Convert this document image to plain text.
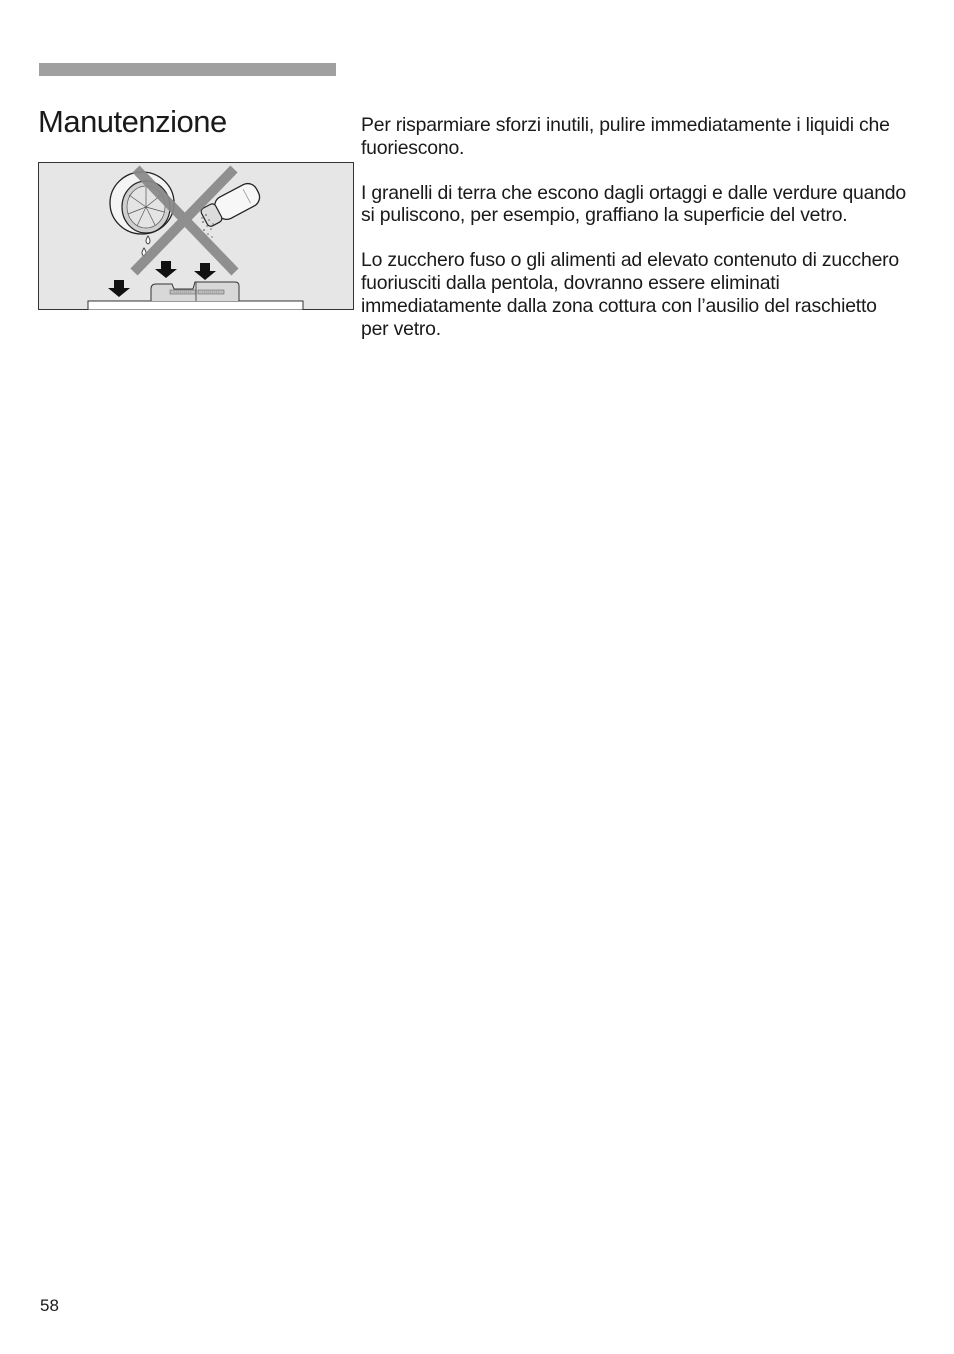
Manutenzione	Per risparmiare sforzi inutili, pulire immediatamente i liquidi che fuoriescono.

I granelli di terra che escono dagli ortaggi e dalle verdure quando si puliscono, per esempio, graffiano la superficie del vetro.

Lo zucchero fuso o gli alimenti ad elevato contenuto di zucchero fuoriusciti dalla pentola, dovranno essere eliminati immediatamente dalla zona cottura con l’ausilio del raschietto per vetro.

58
